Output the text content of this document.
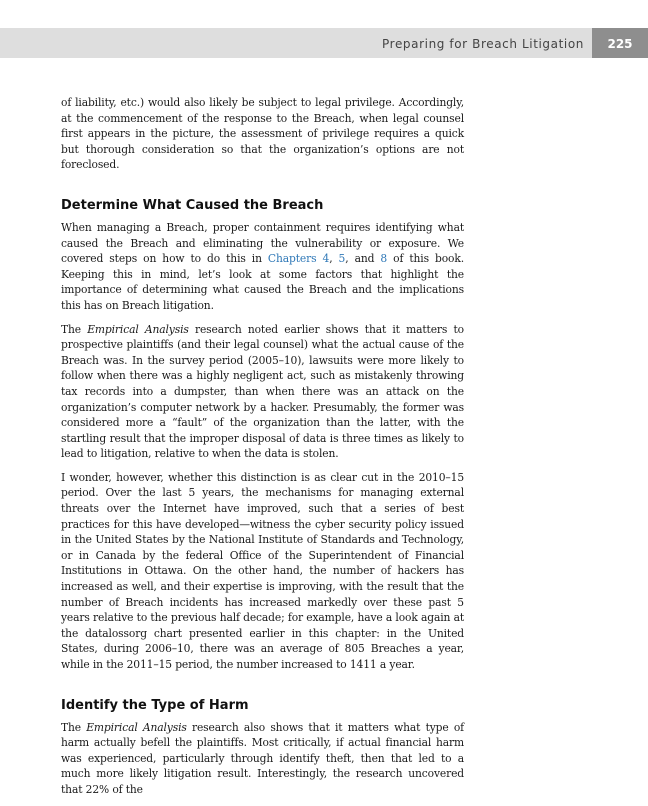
Preparing for Breach Litigation	225

of liability, etc.) would also likely be subject to legal privilege. Accordingly, at the commencement of the response to the Breach, when legal counsel first appears in the picture, the assessment of privilege requires a quick but thorough consideration so that the organization’s options are not foreclosed.

Determine What Caused the Breach

When managing a Breach, proper containment requires identifying what caused the Breach and eliminating the vulnerability or exposure. We covered steps on how to do this in Chapters 4, 5, and 8 of this book. Keeping this in mind, let’s look at some factors that highlight the importance of determining what caused the Breach and the implications this has on Breach litigation.

The Empirical Analysis research noted earlier shows that it matters to prospective plaintiffs (and their legal counsel) what the actual cause of the Breach was. In the survey period (2005–10), lawsuits were more likely to follow when there was a highly negligent act, such as mistakenly throwing tax records into a dumpster, than when there was an attack on the organization’s computer network by a hacker. Presumably, the former was considered more a “fault” of the organization than the latter, with the startling result that the improper disposal of data is three times as likely to lead to litigation, relative to when the data is stolen.

I wonder, however, whether this distinction is as clear cut in the 2010–15 period. Over the last 5 years, the mechanisms for managing external threats over the Internet have improved, such that a series of best practices for this have developed—witness the cyber security policy issued in the United States by the National Institute of Standards and Technology, or in Canada by the federal Office of the Superintendent of Financial Institutions in Ottawa. On the other hand, the number of hackers has increased as well, and their expertise is improving, with the result that the number of Breach incidents has increased markedly over these past 5 years relative to the previous half decade; for example, have a look again at the datalossorg chart presented earlier in this chapter: in the United States, during 2006–10, there was an average of 805 Breaches a year, while in the 2011–15 period, the number increased to 1411 a year.

Identify the Type of Harm

The Empirical Analysis research also shows that it matters what type of harm actually befell the plaintiffs. Most critically, if actual financial harm was experienced, particularly through identify theft, then that led to a much more likely litigation result. Interestingly, the research uncovered that 22% of the
